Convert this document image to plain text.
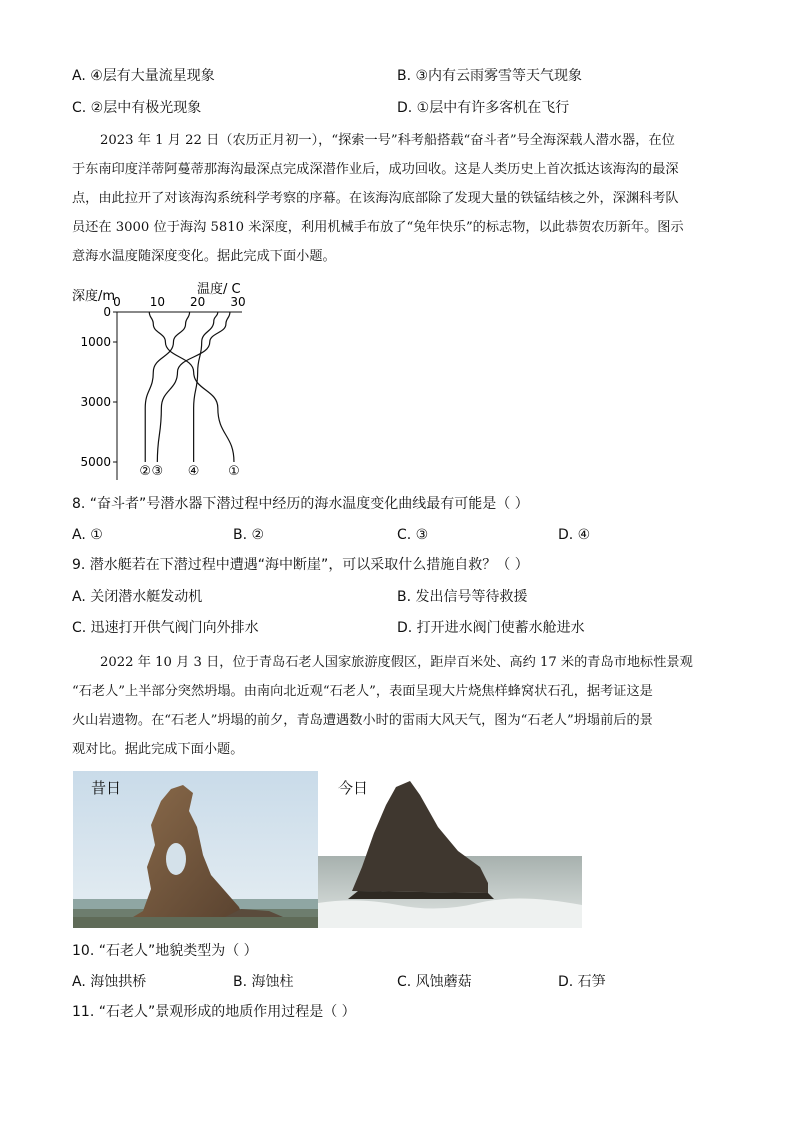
A. ④层有大量流星现象	B. ③内有云雨雾雪等天气现象
C. ②层中有极光现象	D. ①层中有许多客机在飞行
2023 年 1 月 22 日（农历正月初一），“探索一号”科考船搭载“奋斗者”号全海深载人潜水器，在位
于东南印度洋蒂阿蔓蒂那海沟最深点完成深潜作业后，成功回收。这是人类历史上首次抵达该海沟的最深
点，由此拉开了对该海沟系统科学考察的序幕。在该海沟底部除了发现大量的铁锰结核之外，深渊科考队
员还在 3000 位于海沟 5810 米深度，利用机械手布放了“兔年快乐”的标志物，以此恭贺农历新年。图示
意海水温度随深度变化。据此完成下面小题。
深度/m	温度/ C
0 10 20 30
0
1000
3000
5000
①
② ③ ④
8. “奋斗者”号潜水器下潜过程中经历的海水温度变化曲线最有可能是（ ）
A. ①	B. ②	C. ③	D. ④
9. 潜水艇若在下潜过程中遭遇“海中断崖”，可以采取什么措施自救？（ ）
A. 关闭潜水艇发动机	B. 发出信号等待救援
C. 迅速打开供气阀门向外排水	D. 打开进水阀门使蓄水舱进水
2022 年 10 月 3 日，位于青岛石老人国家旅游度假区，距岸百米处、高约 17 米的青岛市地标性景观
“石老人”上半部分突然坍塌。由南向北近观“石老人”，表面呈现大片烧焦样蜂窝状石孔，据考证这是
火山岩遗物。在“石老人”坍塌的前夕，青岛遭遇数小时的雷雨大风天气，图为“石老人”坍塌前后的景
观对比。据此完成下面小题。
昔日	今日
10. “石老人”地貌类型为（ ）
A. 海蚀拱桥	B. 海蚀柱	C. 风蚀蘑菇	D. 石笋
11. “石老人”景观形成的地质作用过程是（ ）
